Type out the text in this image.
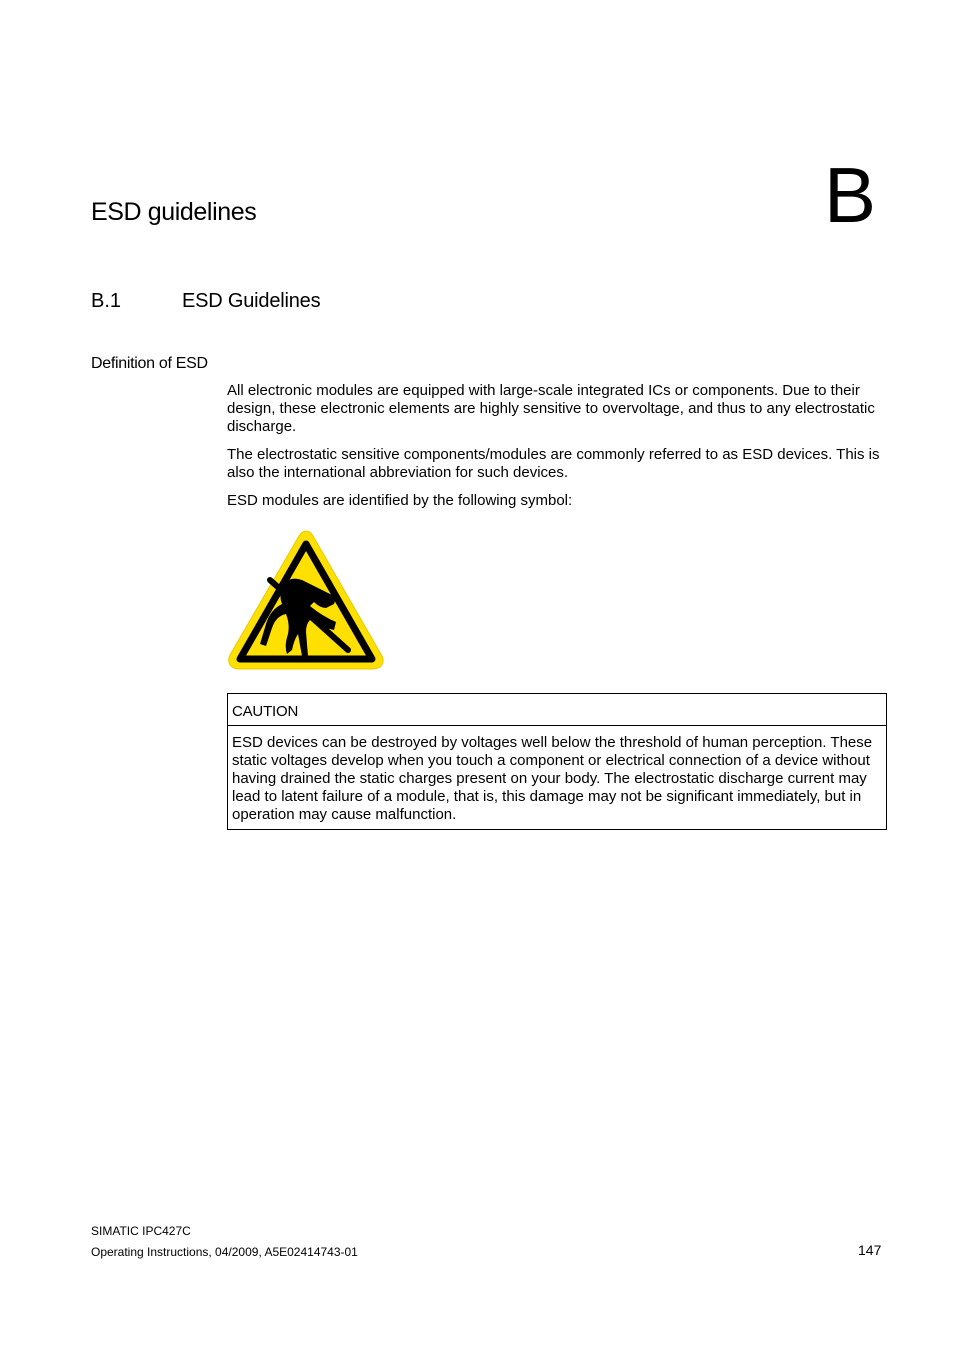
B
ESD guidelines
B.1	ESD Guidelines
Definition of ESD

All electronic modules are equipped with large-scale integrated ICs or components. Due to their design, these electronic elements are highly sensitive to overvoltage, and thus to any electrostatic discharge.

The electrostatic sensitive components/modules are commonly referred to as ESD devices. This is also the international abbreviation for such devices.

ESD modules are identified by the following symbol:

CAUTION

ESD devices can be destroyed by voltages well below the threshold of human perception. These static voltages develop when you touch a component or electrical connection of a device without having drained the static charges present on your body. The electrostatic discharge current may lead to latent failure of a module, that is, this damage may not be significant immediately, but in operation may cause malfunction.

SIMATIC IPC427C
Operating Instructions, 04/2009, A5E02414743-01	147
